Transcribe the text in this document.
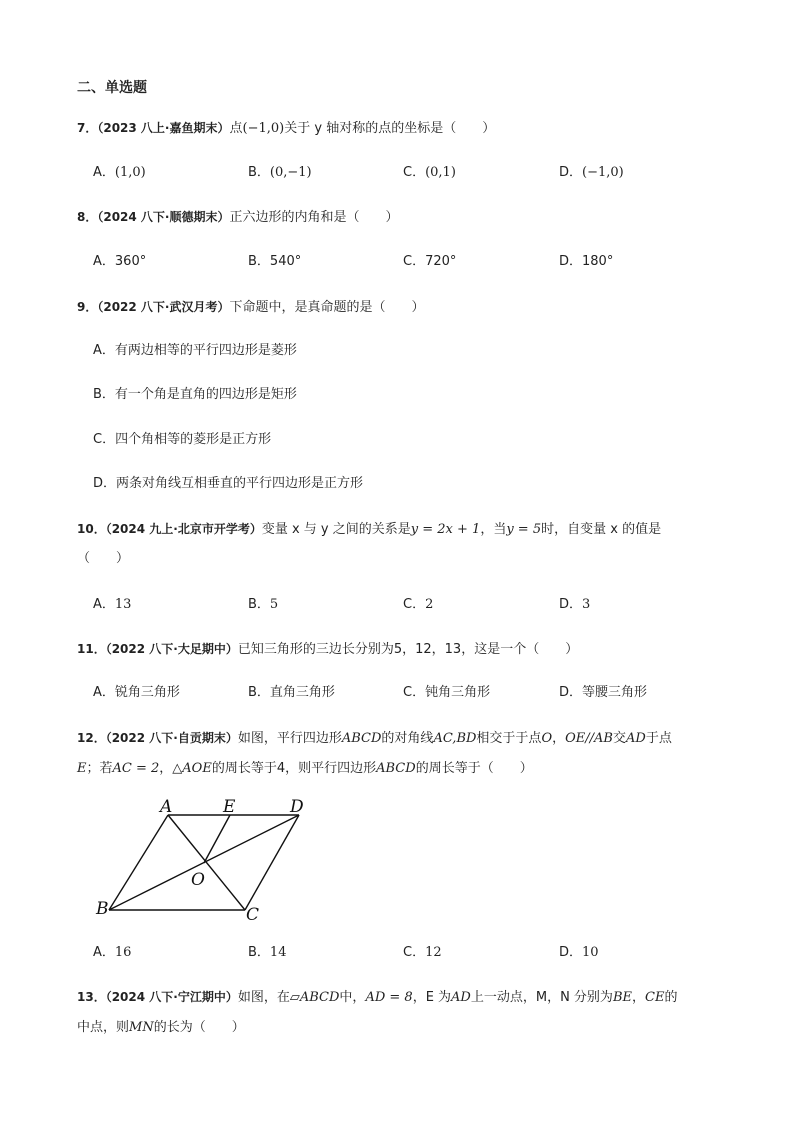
二、单选题
7．（2023 八上·嘉鱼期末）点(−1,0)关于 y 轴对称的点的坐标是（　　）
A．(1,0)	B．(0,−1)	C．(0,1)	D．(−1,0)
8．（2024 八下·顺德期末）正六边形的内角和是（　　）
A．360°	B．540°	C．720°	D．180°
9．（2022 八下·武汉月考）下命题中，是真命题的是（　　）
A．有两边相等的平行四边形是菱形
B．有一个角是直角的四边形是矩形
C．四个角相等的菱形是正方形
D．两条对角线互相垂直的平行四边形是正方形
10．（2024 九上·北京市开学考）变量 x 与 y 之间的关系是y = 2x + 1，当y = 5时，自变量 x 的值是
（　　）
A．13	B．5	C．2	D．3
11．（2022 八下·大足期中）已知三角形的三边长分别为5，12，13，这是一个（　　）
A．锐角三角形	B．直角三角形	C．钝角三角形	D．等腰三角形
12．（2022 八下·自贡期末）如图，平行四边形ABCD的对角线AC,BD相交于于点O，OE//AB交AD于点
E；若AC = 2，△AOE的周长等于4，则平行四边形ABCD的周长等于（　　）
A	E	D
O
B	C
A．16	B．14	C．12	D．10
13．（2024 八下·宁江期中）如图，在▱ABCD中，AD = 8，E 为AD上一动点，M，N 分别为BE，CE的
中点，则MN的长为（　　）
